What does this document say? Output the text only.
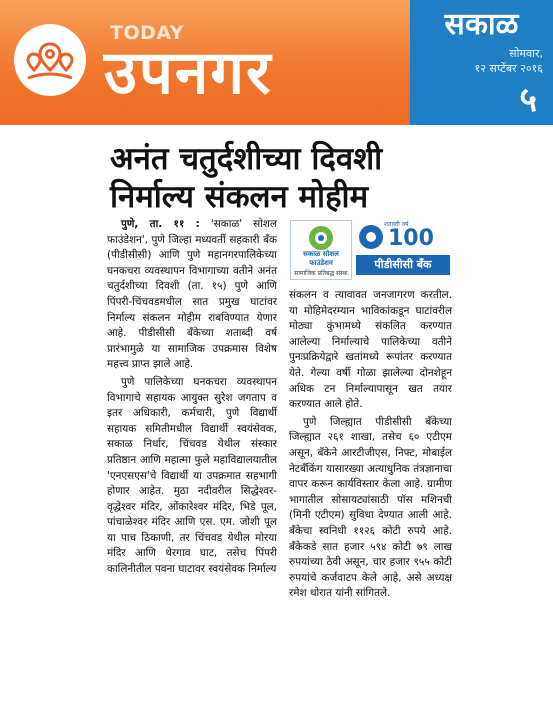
TODAY
उपनगर
सकाळ
सोमवार,
१२ सप्टेंबर २०१६
५
अनंत चतुर्दशीच्या दिवशी
निर्माल्य संकलन मोहीम

पुणे, ता. ११ : 'सकाळ' सोशल फाउंडेशन', पुणे जिल्हा मध्यवर्ती सहकारी बॅंक (पीडीसीसी) आणि पुणे महानगरपालिकेच्या घनकचरा व्यवस्थापन विभागाच्या वतीने अनंत चतुर्दशीच्या दिवशी (ता. १५) पुणे आणि पिंपरी-चिंचवडमधील सात प्रमुख घाटांवर निर्माल्य संकलन मोहीम राबविण्यात येणार आहे. पीडीसीसी बॅंकेच्या शताब्दी वर्ष प्रारंभामुळे या सामाजिक उपक्रमास विशेष महत्त्व प्राप्त झाले आहे.

पुणे पालिकेच्या घनकचरा व्यवस्थापन विभागाचे सहायक आयुक्त सुरेश जगताप व इतर अधिकारी, कर्मचारी, पुणे विद्यार्थी सहायक समितीमधील विद्यार्थी स्वयंसेवक, सकाळ निर्धार, चिंचवड येथील संस्कार प्रतिष्ठान आणि महात्मा फुले महाविद्यालयातील 'एनएसएस'चे विद्यार्थी या उपक्रमात सहभागी होणार आहेत. मुठा नदीवरील सिद्धेश्‍वर-वृद्धेश्‍वर मंदिर, ओंकारेश्‍वर मंदिर, भिडे पूल, पांचाळेश्‍वर मंदिर आणि एस. एम. जोशी पूल या पाच ठिकाणी, तर चिंचवड येथील मोरया मंदिर आणि थेरगाव घाट, तसेच पिंपरी कालिनीतील पवना घाटावर स्वयंसेवक निर्माल्य

सकाळ सोशल फाउंडेशन
सामाजिक प्रतिबद्ध संस्था
शताब्दी वर्ष
100
पीडीसीसी बॅंक

संकलन व त्यावावत जनजागरण करतील. या मोहिमेदरम्यान भाविकांकडून घाटांवरील मोठ्या कुंभामध्ये संकलित करण्यात आलेल्या निर्माल्याचे पालिकेच्या वतीने पुनःप्रक्रियेद्वारे खतांमध्ये रूपांतर करण्यात येते. गेल्या वर्षी गोळा झालेल्या दोनशेहून अधिक टन निर्माल्यापासून खत तयार करण्यात आले होते.

पुणे जिल्ह्यात पीडीसीसी बॅंकेच्या जिल्ह्यात २६१ शाखा, तसेच ६० एटीएम असून, बॅंकेने आरटीजीएस, निफ्ट, मोबाईल नेटबॅंकिंग यासारख्या अत्याधुनिक तंत्रज्ञानाचा वापर करून कार्यविस्तार केला आहे. ग्रामीण भागातील सोसायट्यांसाठी पॉस मशिनची (मिनी एटीएम) सुविधा देण्यात आली आहे. बॅंकेचा स्वनिधी ११२६ कोटी रुपये आहे. बॅंकेकडे सात हजार ५९४ कोटी ७९ लाख रुपयांच्या ठेवी असून, चार हजार ९५५ कोटी रुपयांचे कर्जवाटप केले आहे, असे अध्यक्ष रमेश थोरात यांनी सांगितले.
